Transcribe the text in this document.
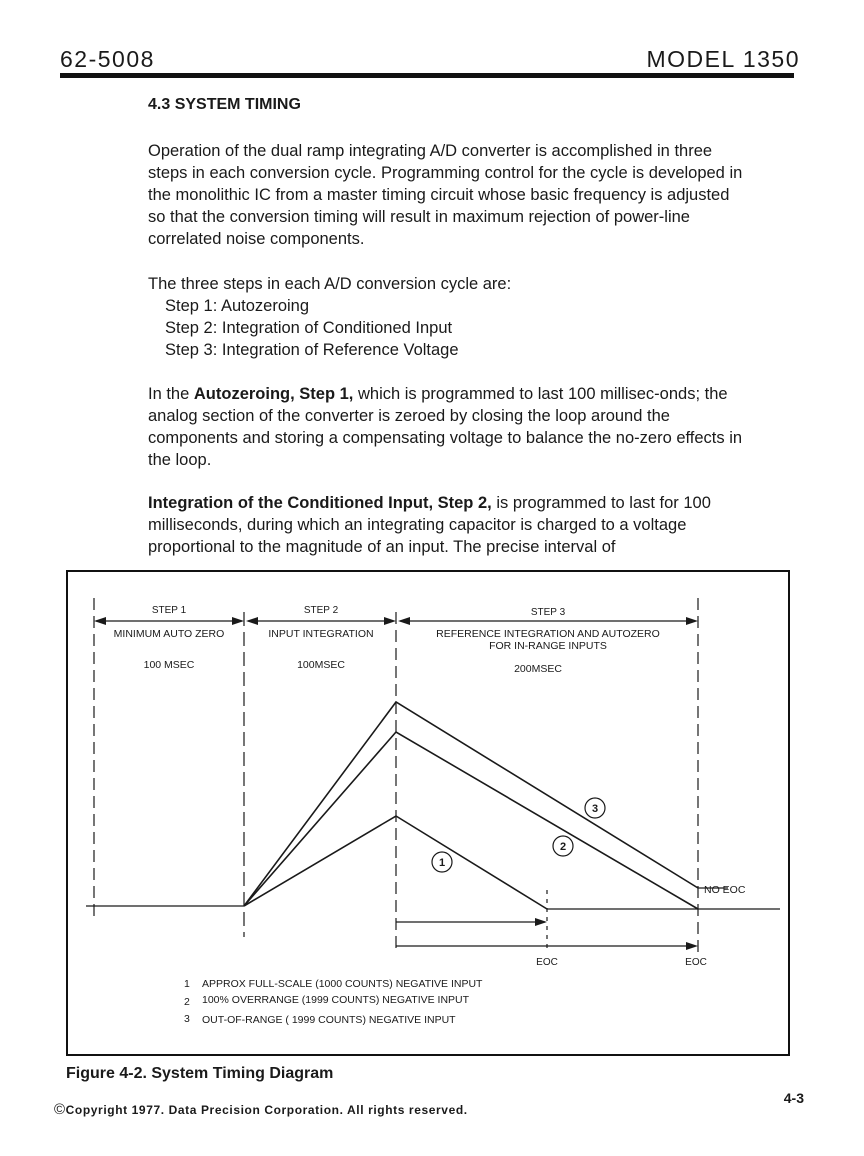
62-5008	MODEL 1350
4.3 SYSTEM TIMING

Operation of the dual ramp integrating A/D converter is accomplished in three steps in each conversion cycle. Programming control for the cycle is developed in the monolithic IC from a master timing circuit whose basic frequency is adjusted so that the conversion timing will result in maximum rejection of power-line correlated noise components.

The three steps in each A/D conversion cycle are:

Step 1: Autozeroing
Step 2: Integration of Conditioned Input
Step 3: Integration of Reference Voltage

In the Autozeroing, Step 1, which is programmed to last 100 millisec-onds; the analog section of the converter is zeroed by closing the loop around the components and storing a compensating voltage to balance the no-zero effects in the loop.

Integration of the Conditioned Input, Step 2, is programmed to last for 100 milliseconds, during which an integrating capacitor is charged to a voltage proportional to the magnitude of an input. The precise interval of

STEP 1	STEP 2	STEP 3
MINIMUM AUTO ZERO	INPUT INTEGRATION	REFERENCE INTEGRATION AND AUTOZERO
FOR IN-RANGE INPUTS
100 MSEC	100MSEC	200MSEC
1
2
3
NO EOC
EOC	EOC
1 APPROX FULL-SCALE (1000 COUNTS) NEGATIVE INPUT
2 100% OVERRANGE (1999 COUNTS) NEGATIVE INPUT
3 OUT-OF-RANGE ( 1999 COUNTS) NEGATIVE INPUT
Figure 4-2. System Timing Diagram
4-3
©Copyright 1977. Data Precision Corporation. All rights reserved.
